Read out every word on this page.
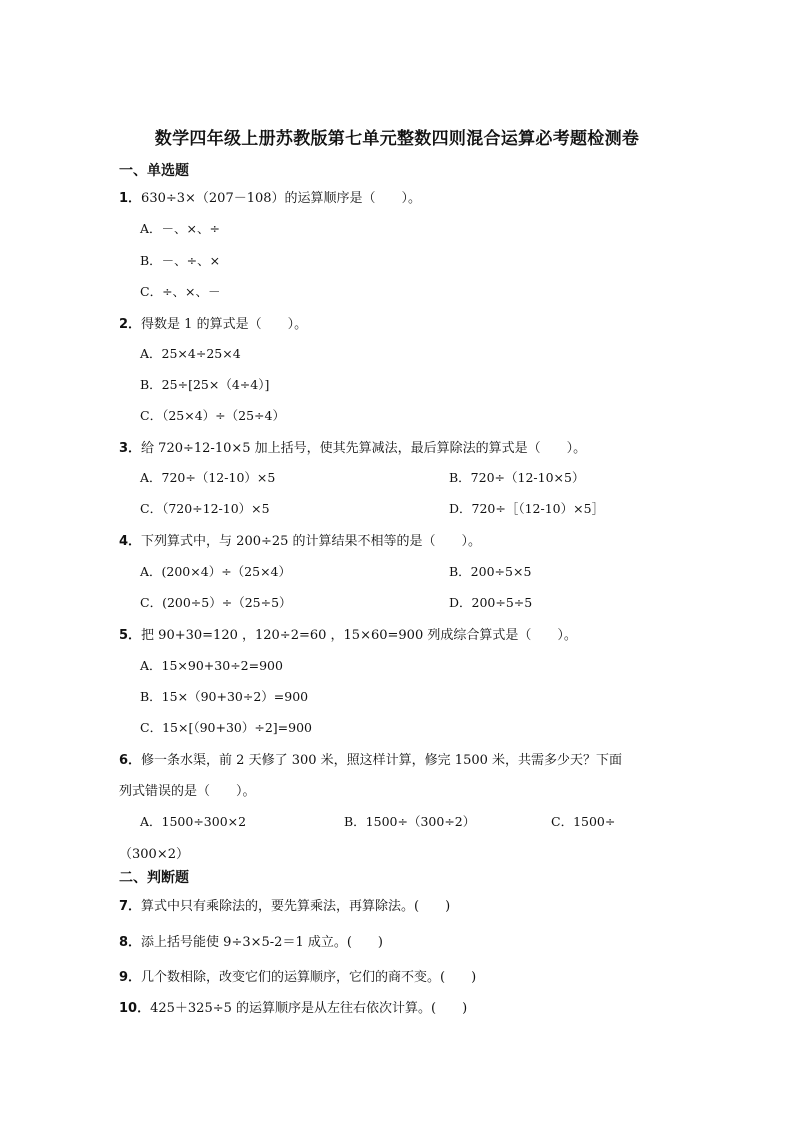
数学四年级上册苏教版第七单元整数四则混合运算必考题检测卷
一、单选题
1．630÷3×（207－108）的运算顺序是（　　）。
A．－、×、÷
B．－、÷、×
C．÷、×、－
2．得数是 1 的算式是（　　）。
A．25×4÷25×4
B．25÷[25×（4÷4）]
C．（25×4）÷（25÷4）
3．给 720÷12-10×5 加上括号，使其先算减法，最后算除法的算式是（　　）。
A．720÷（12-10）×5	B．720÷（12-10×5）
C．（720÷12-10）×5	D．720÷［（12-10）×5］
4．下列算式中，与 200÷25 的计算结果不相等的是（　　）。
A．(200×4）÷（25×4）	B．200÷5×5
C．(200÷5）÷（25÷5）	D．200÷5÷5
5．把 90+30=120 ，120÷2=60 ，15×60=900 列成综合算式是（　　）。
A．15×90+30÷2=900
B．15×（90+30÷2）=900
C．15×[（90+30）÷2]=900
6．修一条水渠，前 2 天修了 300 米，照这样计算，修完 1500 米，共需多少天？下面
列式错误的是（　　）。
A．1500÷300×2	B．1500÷（300÷2）	C．1500÷
（300×2）
二、判断题
7．算式中只有乘除法的，要先算乘法，再算除法。(　　)
8．添上括号能使 9÷3×5-2＝1 成立。(　　)
9．几个数相除，改变它们的运算顺序，它们的商不变。(　　)
10．425＋325÷5 的运算顺序是从左往右依次计算。(　　)
